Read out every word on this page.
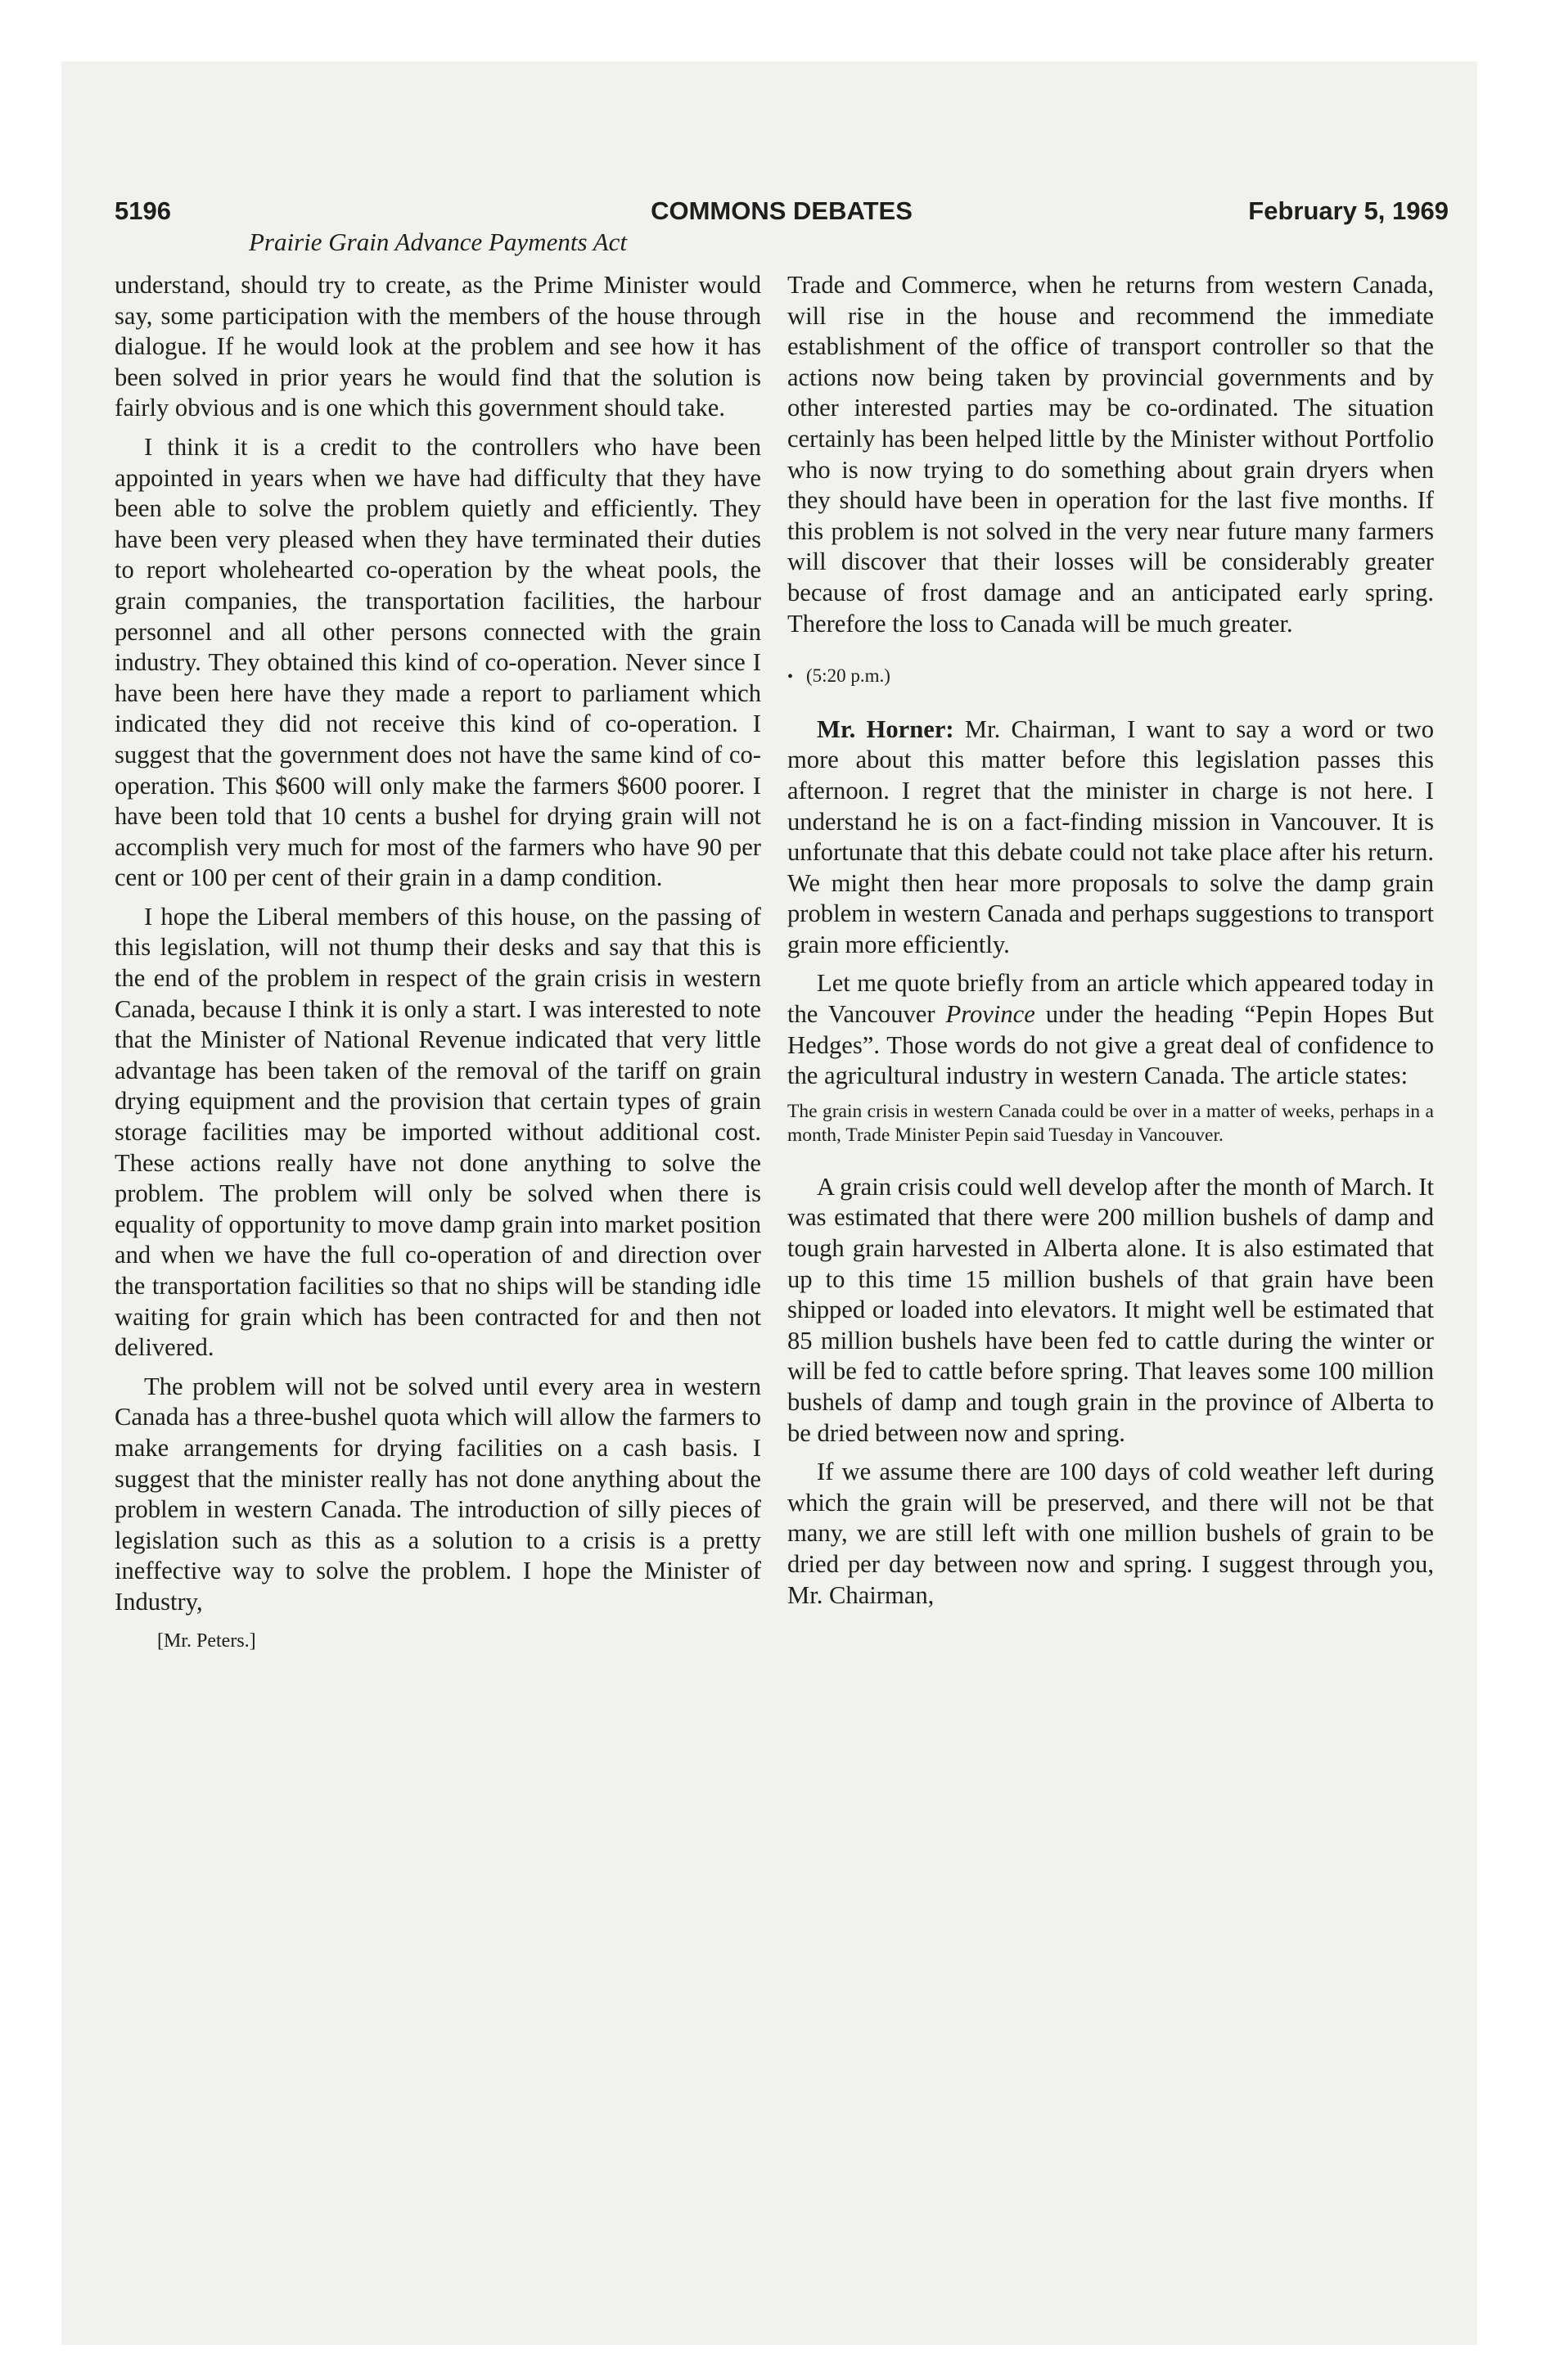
5196	COMMONS DEBATES	February 5, 1969
Prairie Grain Advance Payments Act

understand, should try to create, as the Prime Minister would say, some participation with the members of the house through dialogue. If he would look at the problem and see how it has been solved in prior years he would find that the solution is fairly obvious and is one which this government should take.

I think it is a credit to the controllers who have been appointed in years when we have had difficulty that they have been able to solve the problem quietly and efficiently. They have been very pleased when they have terminated their duties to report wholehearted co-operation by the wheat pools, the grain companies, the transportation facilities, the harbour personnel and all other persons connected with the grain industry. They obtained this kind of co-operation. Never since I have been here have they made a report to parliament which indicated they did not receive this kind of co-operation. I suggest that the government does not have the same kind of co-operation. This $600 will only make the farmers $600 poorer. I have been told that 10 cents a bushel for drying grain will not accomplish very much for most of the farmers who have 90 per cent or 100 per cent of their grain in a damp condition.

I hope the Liberal members of this house, on the passing of this legislation, will not thump their desks and say that this is the end of the problem in respect of the grain crisis in western Canada, because I think it is only a start. I was interested to note that the Minister of National Revenue indicated that very little advantage has been taken of the removal of the tariff on grain drying equipment and the provision that certain types of grain storage facilities may be imported without additional cost. These actions really have not done anything to solve the problem. The problem will only be solved when there is equality of opportunity to move damp grain into market position and when we have the full co-operation of and direction over the transportation facilities so that no ships will be standing idle waiting for grain which has been contracted for and then not delivered.

The problem will not be solved until every area in western Canada has a three-bushel quota which will allow the farmers to make arrangements for drying facilities on a cash basis. I suggest that the minister really has not done anything about the problem in western Canada. The introduction of silly pieces of legislation such as this as a solution to a crisis is a pretty ineffective way to solve the problem. I hope the Minister of Industry,

[Mr. Peters.]

Trade and Commerce, when he returns from western Canada, will rise in the house and recommend the immediate establishment of the office of transport controller so that the actions now being taken by provincial governments and by other interested parties may be co-ordinated. The situation certainly has been helped little by the Minister without Portfolio who is now trying to do something about grain dryers when they should have been in operation for the last five months. If this problem is not solved in the very near future many farmers will discover that their losses will be considerably greater because of frost damage and an anticipated early spring. Therefore the loss to Canada will be much greater.

• (5:20 p.m.)

Mr. Horner: Mr. Chairman, I want to say a word or two more about this matter before this legislation passes this afternoon. I regret that the minister in charge is not here. I understand he is on a fact-finding mission in Vancouver. It is unfortunate that this debate could not take place after his return. We might then hear more proposals to solve the damp grain problem in western Canada and perhaps suggestions to transport grain more efficiently.

Let me quote briefly from an article which appeared today in the Vancouver Province under the heading “Pepin Hopes But Hedges”. Those words do not give a great deal of confidence to the agricultural industry in western Canada. The article states:

The grain crisis in western Canada could be over in a matter of weeks, perhaps in a month, Trade Minister Pepin said Tuesday in Vancouver.

A grain crisis could well develop after the month of March. It was estimated that there were 200 million bushels of damp and tough grain harvested in Alberta alone. It is also estimated that up to this time 15 million bushels of that grain have been shipped or loaded into elevators. It might well be estimated that 85 million bushels have been fed to cattle during the winter or will be fed to cattle before spring. That leaves some 100 million bushels of damp and tough grain in the province of Alberta to be dried between now and spring.

If we assume there are 100 days of cold weather left during which the grain will be preserved, and there will not be that many, we are still left with one million bushels of grain to be dried per day between now and spring. I suggest through you, Mr. Chairman,
